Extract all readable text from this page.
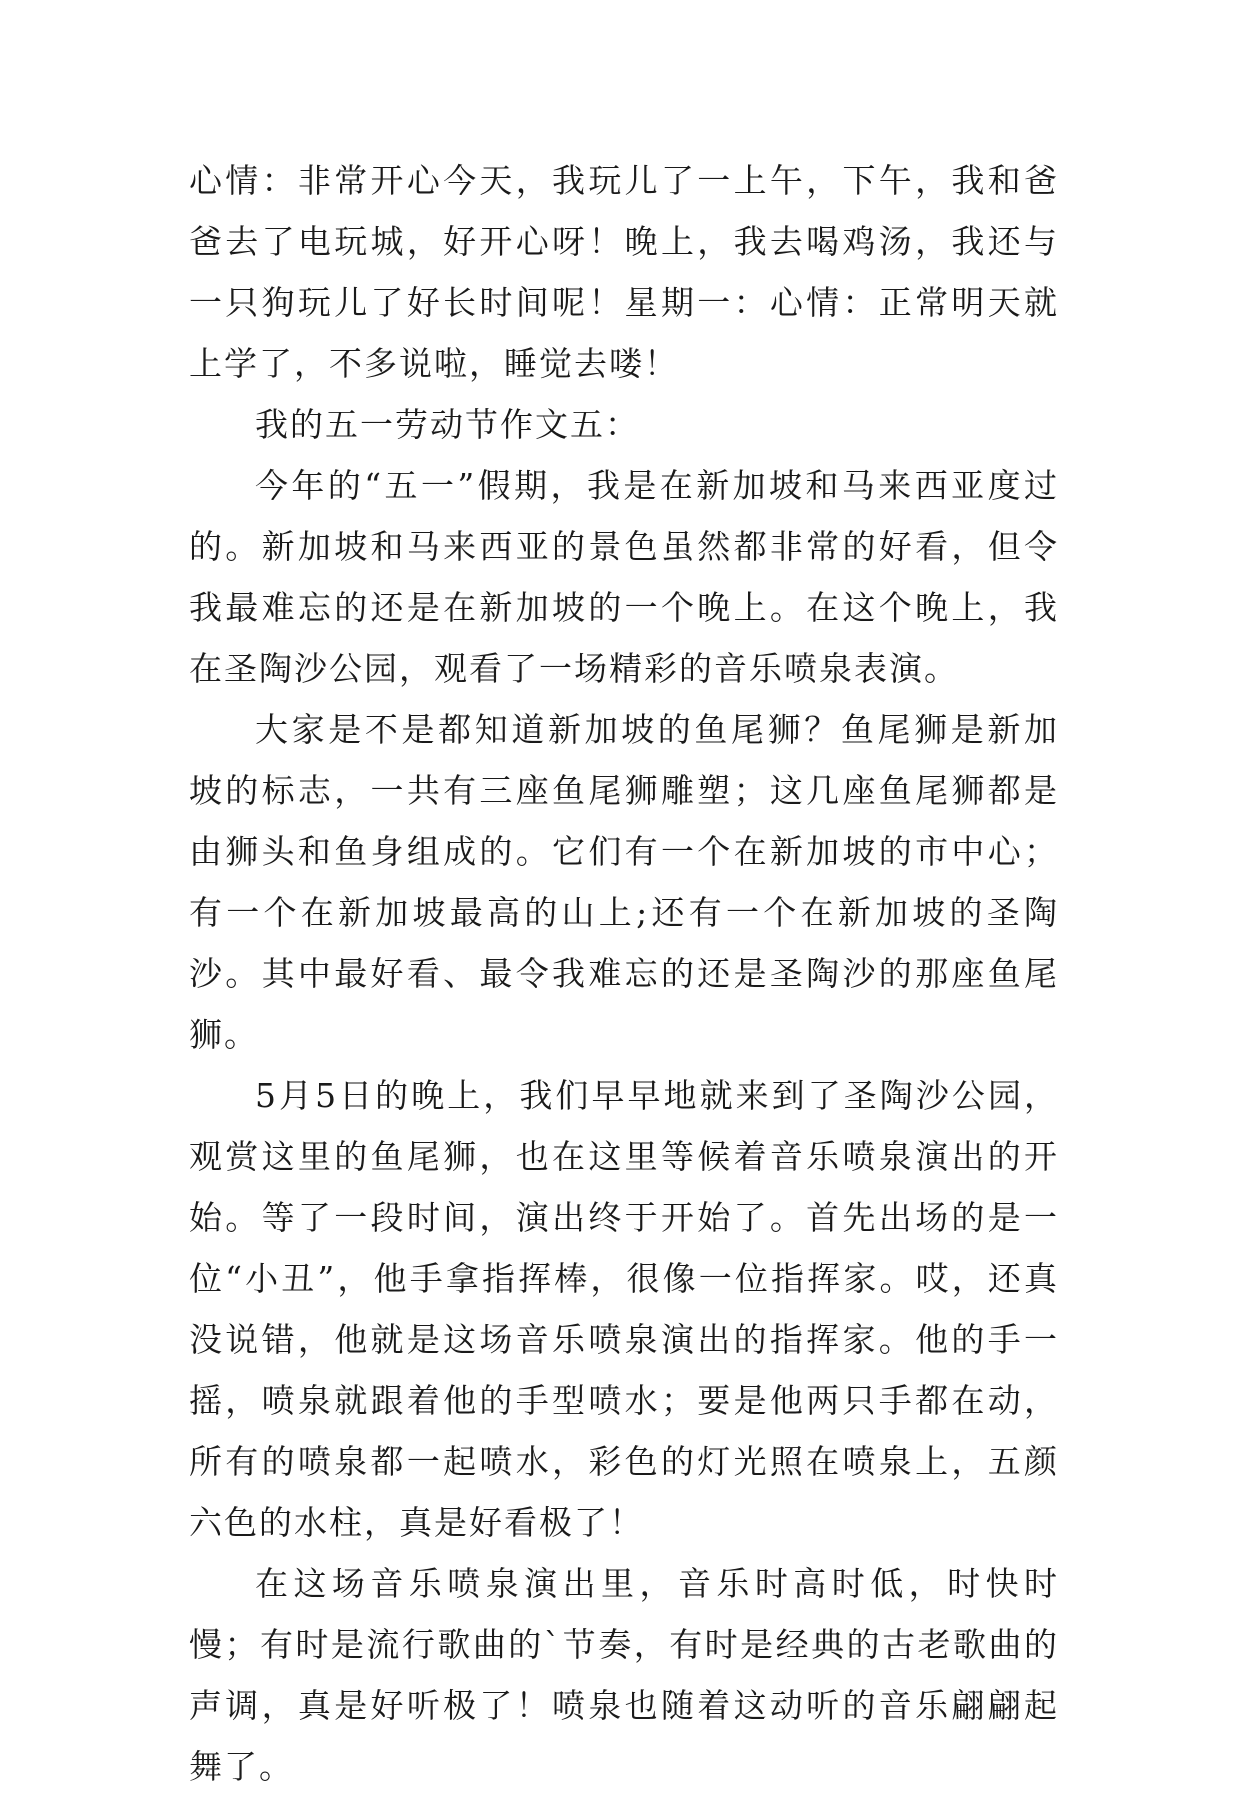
心情：非常开心今天，我玩儿了一上午，下午，我和爸爸去了电玩城，好开心呀！晚上，我去喝鸡汤，我还与一只狗玩儿了好长时间呢！星期一：心情：正常明天就上学了，不多说啦，睡觉去喽！

我的五一劳动节作文五：

今年的“五一”假期，我是在新加坡和马来西亚度过的。新加坡和马来西亚的景色虽然都非常的好看，但令我最难忘的还是在新加坡的一个晚上。在这个晚上，我在圣陶沙公园，观看了一场精彩的音乐喷泉表演。

大家是不是都知道新加坡的鱼尾狮？鱼尾狮是新加坡的标志，一共有三座鱼尾狮雕塑；这几座鱼尾狮都是由狮头和鱼身组成的。它们有一个在新加坡的市中心；有一个在新加坡最高的山上;还有一个在新加坡的圣陶沙。其中最好看、最令我难忘的还是圣陶沙的那座鱼尾狮。

5月5日的晚上，我们早早地就来到了圣陶沙公园，观赏这里的鱼尾狮，也在这里等候着音乐喷泉演出的开始。等了一段时间，演出终于开始了。首先出场的是一位“小丑”，他手拿指挥棒，很像一位指挥家。哎，还真没说错，他就是这场音乐喷泉演出的指挥家。他的手一摇，喷泉就跟着他的手型喷水；要是他两只手都在动，所有的喷泉都一起喷水，彩色的灯光照在喷泉上，五颜六色的水柱，真是好看极了！

在这场音乐喷泉演出里，音乐时高时低，时快时慢；有时是流行歌曲的`节奏，有时是经典的古老歌曲的声调，真是好听极了！喷泉也随着这动听的音乐翩翩起舞了。
